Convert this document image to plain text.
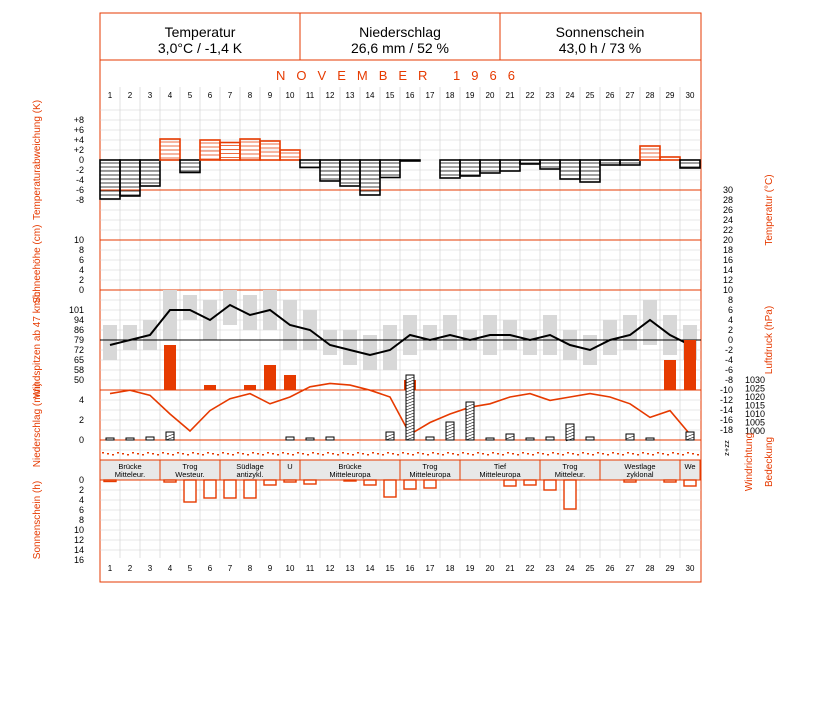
1
1
2
2
3
3
4
4
5
5
6
6
7
7
8
8
9
9
10
10
11
11
12
12
13
13
14
14
15
15
16
16
17
17
18
18
19
19
20
20
21
21
22
22
23
23
24
24
25
25
26
26
27
27
28
28
29
29
30
30
+8
+6
+4
+2
0
-2
-4
-6
-8
30
28
26
24
22
20
18
16
14
12
10
8
6
4
2
0
-2
-4
-6
-8
-10
-12
-14
-16
-18
10
8
6
4
2
0
101
94
86
79
72
65
58
50	1030
1025
1020
1015
1010
1005
1000
4
2
0
Brücke
Mitteleur.
Trog
Westeur.
Südlage
antizykl.
U	Brücke
Mitteleuropa
Trog
Mitteleuropa
Tief
Mitteleuropa
Trog
Mitteleur.
Westlage
zyklonal
We
0
2
4
6
8
10
12
14
16
Temperatur
3,0°C / -1,4 K
Niederschlag
26,6 mm / 52 %
Sonnenschein
43,0 h / 73 %
NOVEMBER 1966
Temperaturabweichung (K)
Schneehöhe (cm)
Windspitzen ab 47 km/h
Niederschlag (mm)
Sonnenschein (h)
Temperatur (°C)
Luftdruck (hPa)
Windrichtung Bedeckung
z+zz
